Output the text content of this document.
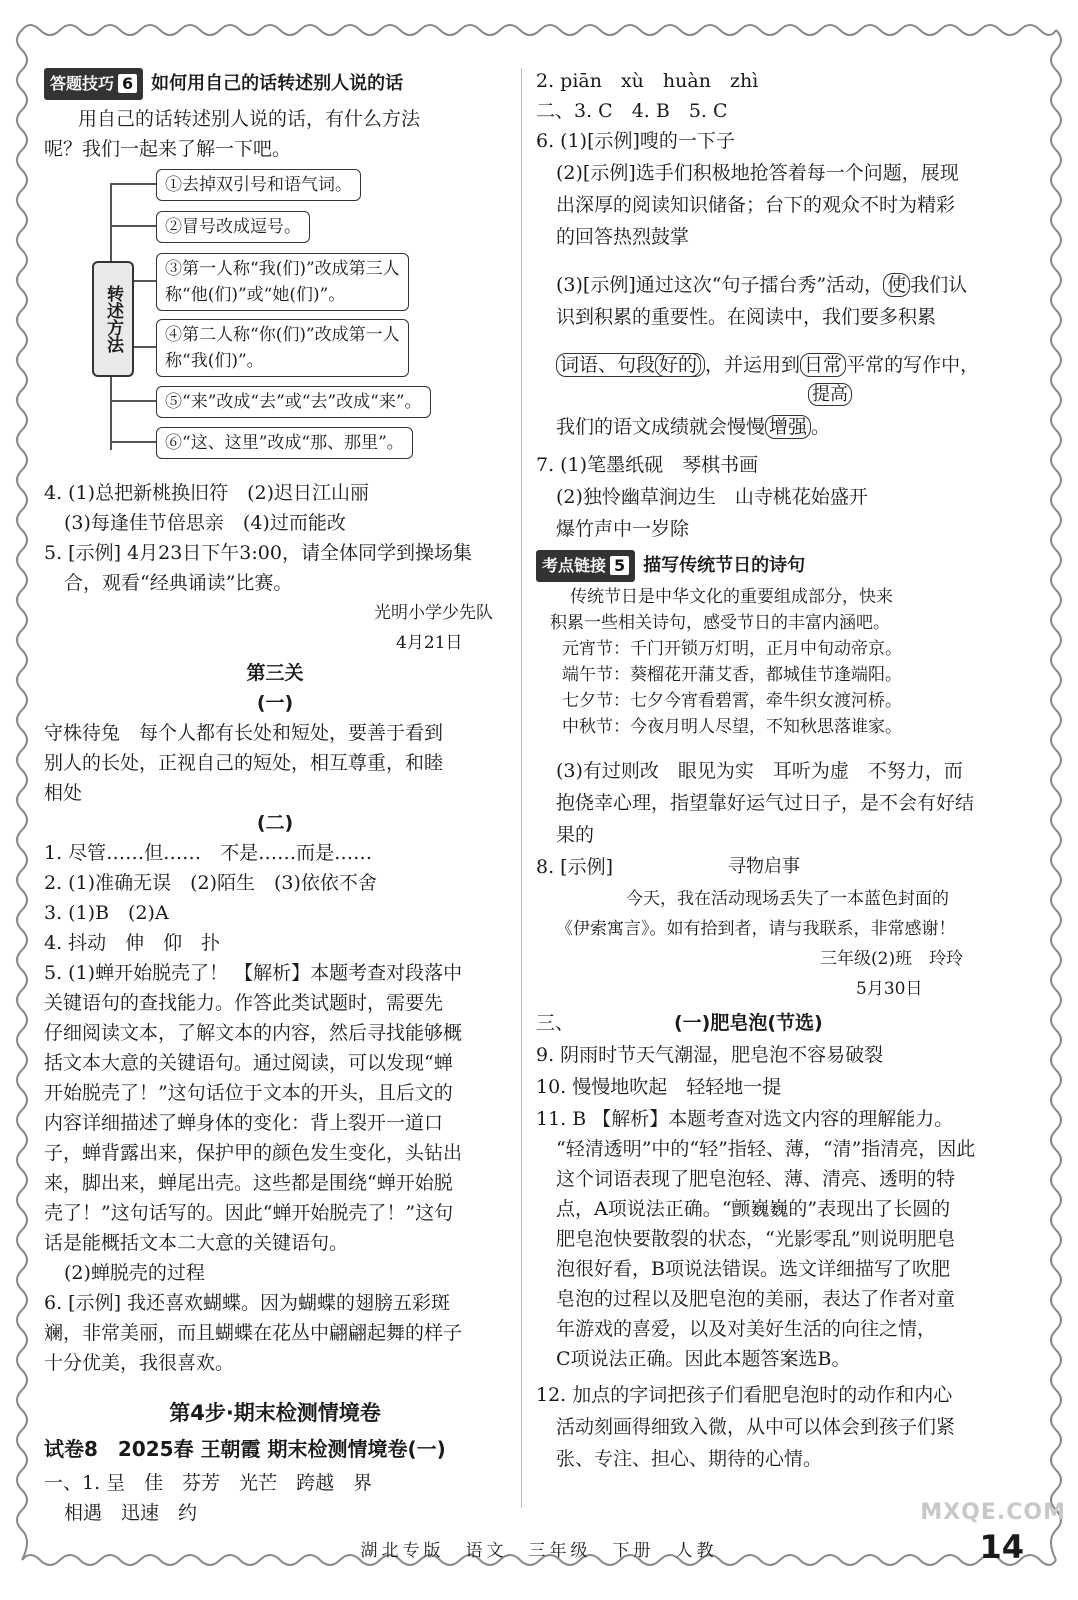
答题技巧 6 如何用自己的话转述别人说的话
用自己的话转述别人说的话，有什么方法
呢？我们一起来了解一下吧。
转述方法
①去掉双引号和语气词。
②冒号改成逗号。
③第一人称“我(们)”改成第三人
称“他(们)”或“她(们)”。
④第二人称“你(们)”改成第一人
称“我(们)”。
⑤“来”改成“去”或“去”改成“来”。
⑥“这、这里”改成“那、那里”。
4. (1)总把新桃换旧符　(2)迟日江山丽
(3)每逢佳节倍思亲　(4)过而能改
5. [示例] 4月23日下午3:00，请全体同学到操场集
合，观看“经典诵读”比赛。
光明小学少先队
4月21日
第三关
(一)
守株待兔　每个人都有长处和短处，要善于看到
别人的长处，正视自己的短处，相互尊重，和睦
相处
(二)
1. 尽管……但……　不是……而是……
2. (1)准确无误　(2)陌生　(3)依依不舍
3. (1)B　(2)A
4. 抖动　伸　仰　扑
5. (1)蝉开始脱壳了！ 【解析】本题考查对段落中
关键语句的查找能力。作答此类试题时，需要先
仔细阅读文本，了解文本的内容，然后寻找能够概
括文本大意的关键语句。通过阅读，可以发现“蝉
开始脱壳了！”这句话位于文本的开头，且后文的
内容详细描述了蝉身体的变化：背上裂开一道口
子，蝉背露出来，保护甲的颜色发生变化，头钻出
来，脚出来，蝉尾出壳。这些都是围绕“蝉开始脱
壳了！”这句话写的。因此“蝉开始脱壳了！”这句
话是能概括文本二大意的关键语句。
(2)蝉脱壳的过程
6. [示例] 我还喜欢蝴蝶。因为蝴蝶的翅膀五彩斑
斓，非常美丽，而且蝴蝶在花丛中翩翩起舞的样子
十分优美，我很喜欢。
第4步·期末检测情境卷
试卷8　2025春 王朝霞 期末检测情境卷(一)
一、1. 呈　佳　芬芳　光芒　跨越　界
相遇　迅速　约
2. piān　xù　huàn　zhì
二、3. C　4. B　5. C
6. (1)[示例]嗖的一下子
(2)[示例]选手们积极地抢答着每一个问题，展现
出深厚的阅读知识储备；台下的观众不时为精彩
的回答热烈鼓掌
(3)[示例]通过这次“句子擂台秀”活动， 使 我们认
识到积累的重要性。在阅读中，我们要多积累
词语、句段 好的 ，并运用到 日常 平常的写作中，
提高
我们的语文成绩就会慢慢 增强 。
7. (1)笔墨纸砚　琴棋书画
(2)独怜幽草涧边生　山寺桃花始盛开
爆竹声中一岁除
考点链接 5 描写传统节日的诗句
传统节日是中华文化的重要组成部分，快来
积累一些相关诗句，感受节日的丰富内涵吧。
元宵节：千门开锁万灯明，正月中旬动帝京。
端午节：葵榴花开蒲艾香，都城佳节逢端阳。
七夕节：七夕今宵看碧霄，牵牛织女渡河桥。
中秋节：今夜月明人尽望，不知秋思落谁家。
(3)有过则改　眼见为实　耳听为虚　不努力，而
抱侥幸心理，指望靠好运气过日子，是不会有好结
果的
8. [示例]	寻物启事
今天，我在活动现场丢失了一本蓝色封面的
《伊索寓言》。如有拾到者，请与我联系，非常感谢！
三年级(2)班　玲玲
5月30日
三、	(一)肥皂泡(节选)
9. 阴雨时节天气潮湿，肥皂泡不容易破裂
10. 慢慢地吹起　轻轻地一提
11. B 【解析】本题考查对选文内容的理解能力。
“轻清透明”中的“轻”指轻、薄，“清”指清亮，因此
这个词语表现了肥皂泡轻、薄、清亮、透明的特
点，A项说法正确。“颤巍巍的”表现出了长圆的
肥皂泡快要散裂的状态，“光影零乱”则说明肥皂
泡很好看，B项说法错误。选文详细描写了吹肥
皂泡的过程以及肥皂泡的美丽，表达了作者对童
年游戏的喜爱，以及对美好生活的向往之情，
C项说法正确。因此本题答案选B。
12. 加点的字词把孩子们看肥皂泡时的动作和内心
活动刻画得细致入微，从中可以体会到孩子们紧
张、专注、担心、期待的心情。
湖北专版　语文　三年级　下册　人教	14
MXQE.COM
